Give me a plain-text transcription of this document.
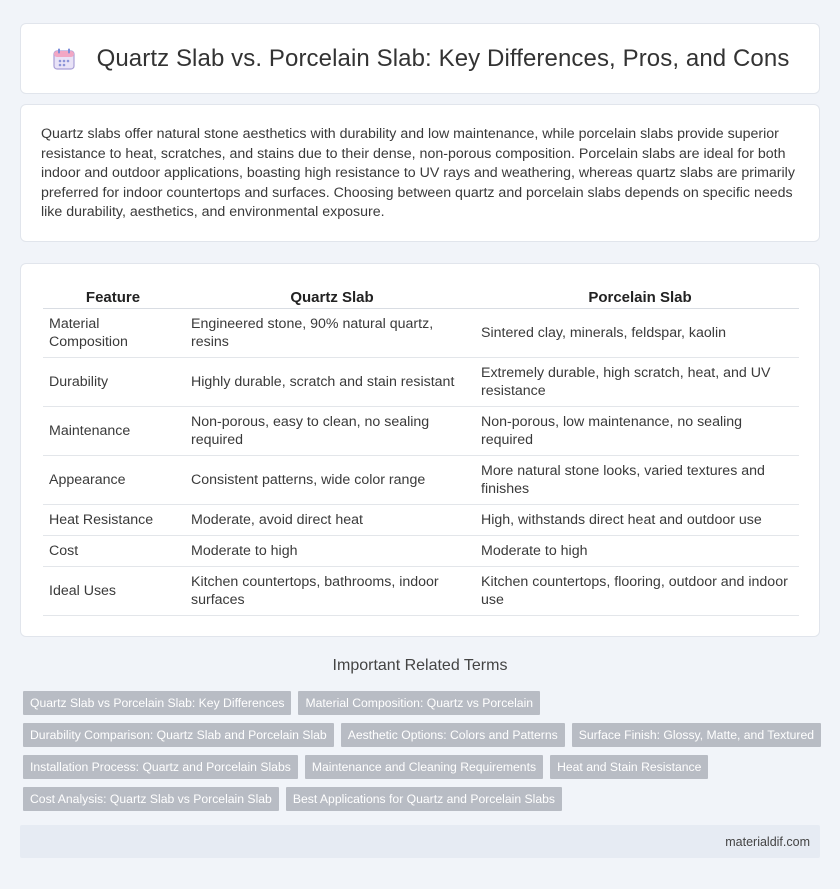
Quartz Slab vs. Porcelain Slab: Key Differences, Pros, and Cons

Quartz slabs offer natural stone aesthetics with durability and low maintenance, while porcelain slabs provide superior resistance to heat, scratches, and stains due to their dense, non-porous composition. Porcelain slabs are ideal for both indoor and outdoor applications, boasting high resistance to UV rays and weathering, whereas quartz slabs are primarily preferred for indoor countertops and surfaces. Choosing between quartz and porcelain slabs depends on specific needs like durability, aesthetics, and environmental exposure.

Feature	Quartz Slab	Porcelain Slab
Material Composition	Engineered stone, 90% natural quartz, resins	Sintered clay, minerals, feldspar, kaolin
Durability	Highly durable, scratch and stain resistant	Extremely durable, high scratch, heat, and UV resistance
Maintenance	Non-porous, easy to clean, no sealing required	Non-porous, low maintenance, no sealing required
Appearance	Consistent patterns, wide color range	More natural stone looks, varied textures and finishes
Heat Resistance	Moderate, avoid direct heat	High, withstands direct heat and outdoor use
Cost	Moderate to high	Moderate to high
Ideal Uses	Kitchen countertops, bathrooms, indoor surfaces	Kitchen countertops, flooring, outdoor and indoor use
Important Related Terms
Quartz Slab vs Porcelain Slab: Key Differences	Material Composition: Quartz vs Porcelain
Durability Comparison: Quartz Slab and Porcelain Slab	Aesthetic Options: Colors and Patterns	Surface Finish: Glossy, Matte, and Textured
Installation Process: Quartz and Porcelain Slabs	Maintenance and Cleaning Requirements	Heat and Stain Resistance
Cost Analysis: Quartz Slab vs Porcelain Slab	Best Applications for Quartz and Porcelain Slabs
materialdif.com
